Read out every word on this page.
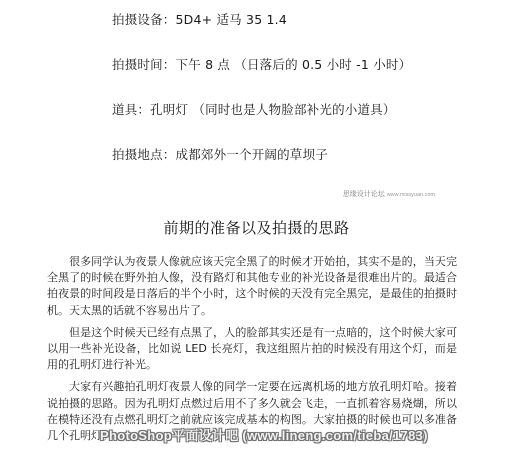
拍摄设备：5D4+ 适马 35 1.4
拍摄时间：下午 8 点 （日落后的 0.5 小时 -1 小时）
道具：孔明灯 （同时也是人物脸部补光的小道具）
拍摄地点：成都郊外一个开阔的草坝子
思缘设计论坛 www.missyuan.com
前期的准备以及拍摄的思路

很多同学认为夜景人像就应该天完全黑了的时候才开始拍，其实不是的，当天完全黑了的时候在野外拍人像，没有路灯和其他专业的补光设备是很难出片的。最适合拍夜景的时间段是日落后的半个小时，这个时候的天没有完全黑完，是最佳的拍摄时机。天太黑的话就不容易出片了。

但是这个时候天已经有点黑了，人的脸部其实还是有一点暗的，这个时候大家可以用一些补光设备，比如说 LED 长亮灯，我这组照片拍的时候没有用这个灯，而是用的孔明灯进行补光。

大家有兴趣拍孔明灯夜景人像的同学一定要在远离机场的地方放孔明灯哈。接着说拍摄的思路。因为孔明灯点燃过后用不了多久就会飞走，一直抓着容易烧煳，所以在模特还没有点燃孔明灯之前就应该完成基本的构图。大家拍摄的时候也可以多准备几个孔明灯。

PhotoShop平面设计吧 (www.lineng.com/tieba/1783)
